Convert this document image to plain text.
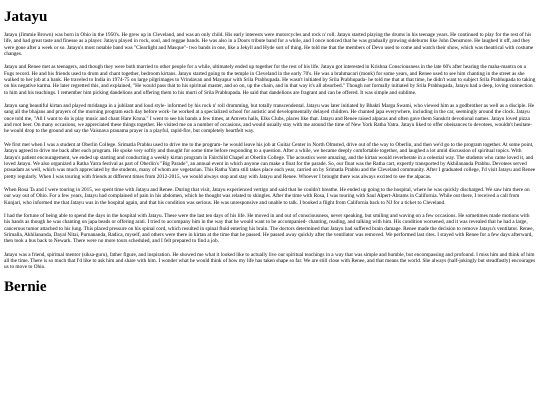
Jatayu

Jatayu (Jimmie Brown) was born in Ohio in the 1950's. He grew up in Cleveland, and was an only child. His early interests were motorcycles and rock n' roll. Jatayu started playing the drums in his teenage years. He continued to play for the rest of his life, and had great taste and finesse as a player. Jatayu played in rock, soul, and reggae bands. He was also in a Doors tribute band for a while, and I once noticed that he was gradually growing sideburns like John Densmore. He laughed it off, and they were gone after a week or so. Jatayu's most notable band was "Clearlight and Masque"- two bands in one, like a Jekyll and Hyde sort of thing. He told me that the members of Devo used to come and watch their show, which was theatrical with costume changes.

Jatayu and Renee met as teenagers, and though they were both married to other people for a while, ultimately ended up together for the rest of his life. Jatayu got interested in Krishna Consciousness in the late 60's after hearing the maha-mantra on a Fugs record. He and his friends used to drum and chant together, bedroom kirtans. Jatayu started going to the temple in Cleveland in the early 70's. He was a brahmacari (monk) for some years, and Renee used to see him chanting in the street as she walked to her job at a bank. He traveled to India in 1974-75 on large pilgrimages to Vrindavan and Mayapur with Srila Prabhupada. He wasn't initiated by Srila Prabhupada- he told me that at that time, he didn't want to subject Srila Prabhupada to taking on his negative karma. He later regretted this, and explained, "He would pass that to his spiritual master, and so on, up the chain, and in that way it's all absorbed." Though not formally initiated by Srila Prabhupada, Jatayu had a deep, loving connection to him and his teachings. I remember him picking dandelions and offering them to his murti of Srila Prabhupada. He said that dandelions are fragrant and can be offered. It was simple and sublime.

Jatayu sang beautiful kirtan and played mridanga in a jubilant and loud style- informed by his rock n' roll drumming, but totally transcendental. Jatayu was later initiated by Bhakti Marga Swami, who viewed him as a godbrother as well as a disciple. He sang all the bhajans and prayers of the morning program each day before work- he worked at a specialized school for autistic and developmentally delayed children. He chanted japa everywhere, including in the car, seemingly around the clock. Jatayu once told me, "All I want to do is play music and chant Hare Krsna." I went to see his bands a few times, at Amvets halls, Elks Clubs, places like that. Jatayu and Renee raised alpacas and often gave them Sanskrit devotional names. Jatayu loved pizza and root beer. On many occasions, we appreciated these things together. He visited me on a number of occasions, and would usually stay with me around the time of New York Ratha Yatra. Jatayu liked to offer obeisances to devotees, wouldn't hesitate- he would drop to the ground and say the Vaisnava pranama prayer in a playful, rapid-fire, but completely heartfelt way.

We first met when I was a student at Oberlin College. Srimatla Prabhu used to drive me to the program- he would leave his job at Guitar Center in North Olmsted, drive out of the way to Oberlin, and then we'd go to the program together. At some point, Jatayu agreed to drive me back after each program. He spoke very softly and thought for some time before responding to a question. After a while, we became deeply comfortable together, and laughed a lot amid discussion of spiritual topics. With Jatayu's patient encouragement, we ended up starting and conducting a weekly kirtan program in Fairchild Chapel at Oberlin College. The acoustics were amazing, and the kirtan would reverberate in a celestial way. The students who came loved it, and loved Jatayu. We also organized a Ratha Yatra festival as part of Oberlin's "Big Parade", an annual event in which anyone can make a float for the parade. So, our float was the Ratha cart, expertly transported by Akhilananda Prabhu. Devotees served prasadam as well, which was much appreciated by the students, many of whom are vegetarian. This Ratha Yatra still takes place each year, carried on by Srimatla Prabhu and the Cleveland community. After I graduated college, I'd visit Jatayu and Renee pretty regularly. When I was touring with friends at different times from 2012-2015, we would always stop and stay with Jatayu and Renee. Whoever I brought there was always excited to see the alpacas.

When Rosa Ta and I were touring in 2015, we spent time with Jatayu and Renee. During that visit, Jatayu experienced vertigo and said that he couldn't breathe. He ended up going to the hospital, where he was quickly discharged. We saw him there on our way out of Ohio. For a few years, Jatayu had complained of pain in his abdomen, which he thought was related to shingles. After the time with Rosa, I was touring with Saul Alpert-Abrams in California. While out there, I received a call from Kunjari, who informed me that Jatayu was in the hospital again, and that his condition was serious. He was unresponsive and unable to talk. I booked a flight from California back to NJ for a ticket to Cleveland.

I had the fortune of being able to spend the days in the hospital with Jatayu. These were the last ten days of his life. He moved in and out of consciousness, never speaking, but smiling and waving on a few occasions. He sometimes made motions with his hands as though he was chanting on japa beads or offering arati. I tried to accompany him in the way that he would want to be accompanied- chanting, reading, and talking with him. His condition worsened, and it was revealed that he had a large, cancerous tumor attached to his lung. This placed pressure on his spinal cord, which resulted in spinal fluid entering his brain. The doctors determined that Jatayu had suffered brain damage. Renee made the decision to remove Jatayu's ventilator. Renee, Srimalla, Akhilananda, Dayal Nitai, Purnananda, Radica, myself, and others were there in kirtan at the time that he passed. He passed away quickly after the ventilator was removed. We performed last rites. I stayed with Renee for a few days afterward, then took a bus back to Newark. There were no more tours scheduled, and I felt prepared to find a job.

Jatayu was a friend, spiritual mentor (siksa-guru), father figure, and inspiration. He showed me what it looked like to actually live our spiritual teachings in a way that was simple and humble, but encompassing and profound. I miss him and think of him all the time. There is so much that I'd like to ask him and share with him. I wonder what he would think of how my life has taken shape so far. We are still close with Renee, and that means the world. She always (half-jokingly but steadfastly) encourages us to move to Ohio.

Bernie
